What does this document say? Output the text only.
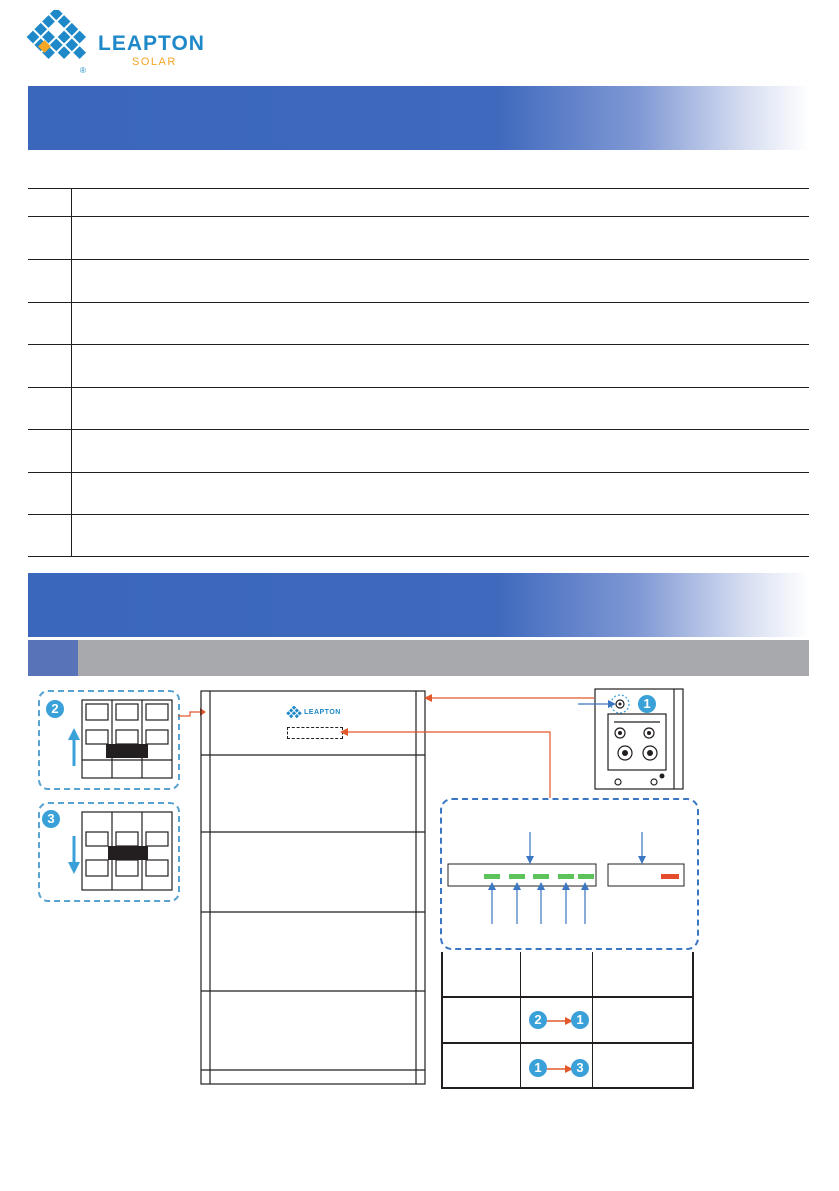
LEAPTON
SOLAR
®
2
3
LEAPTON
1
2	1
1	3
